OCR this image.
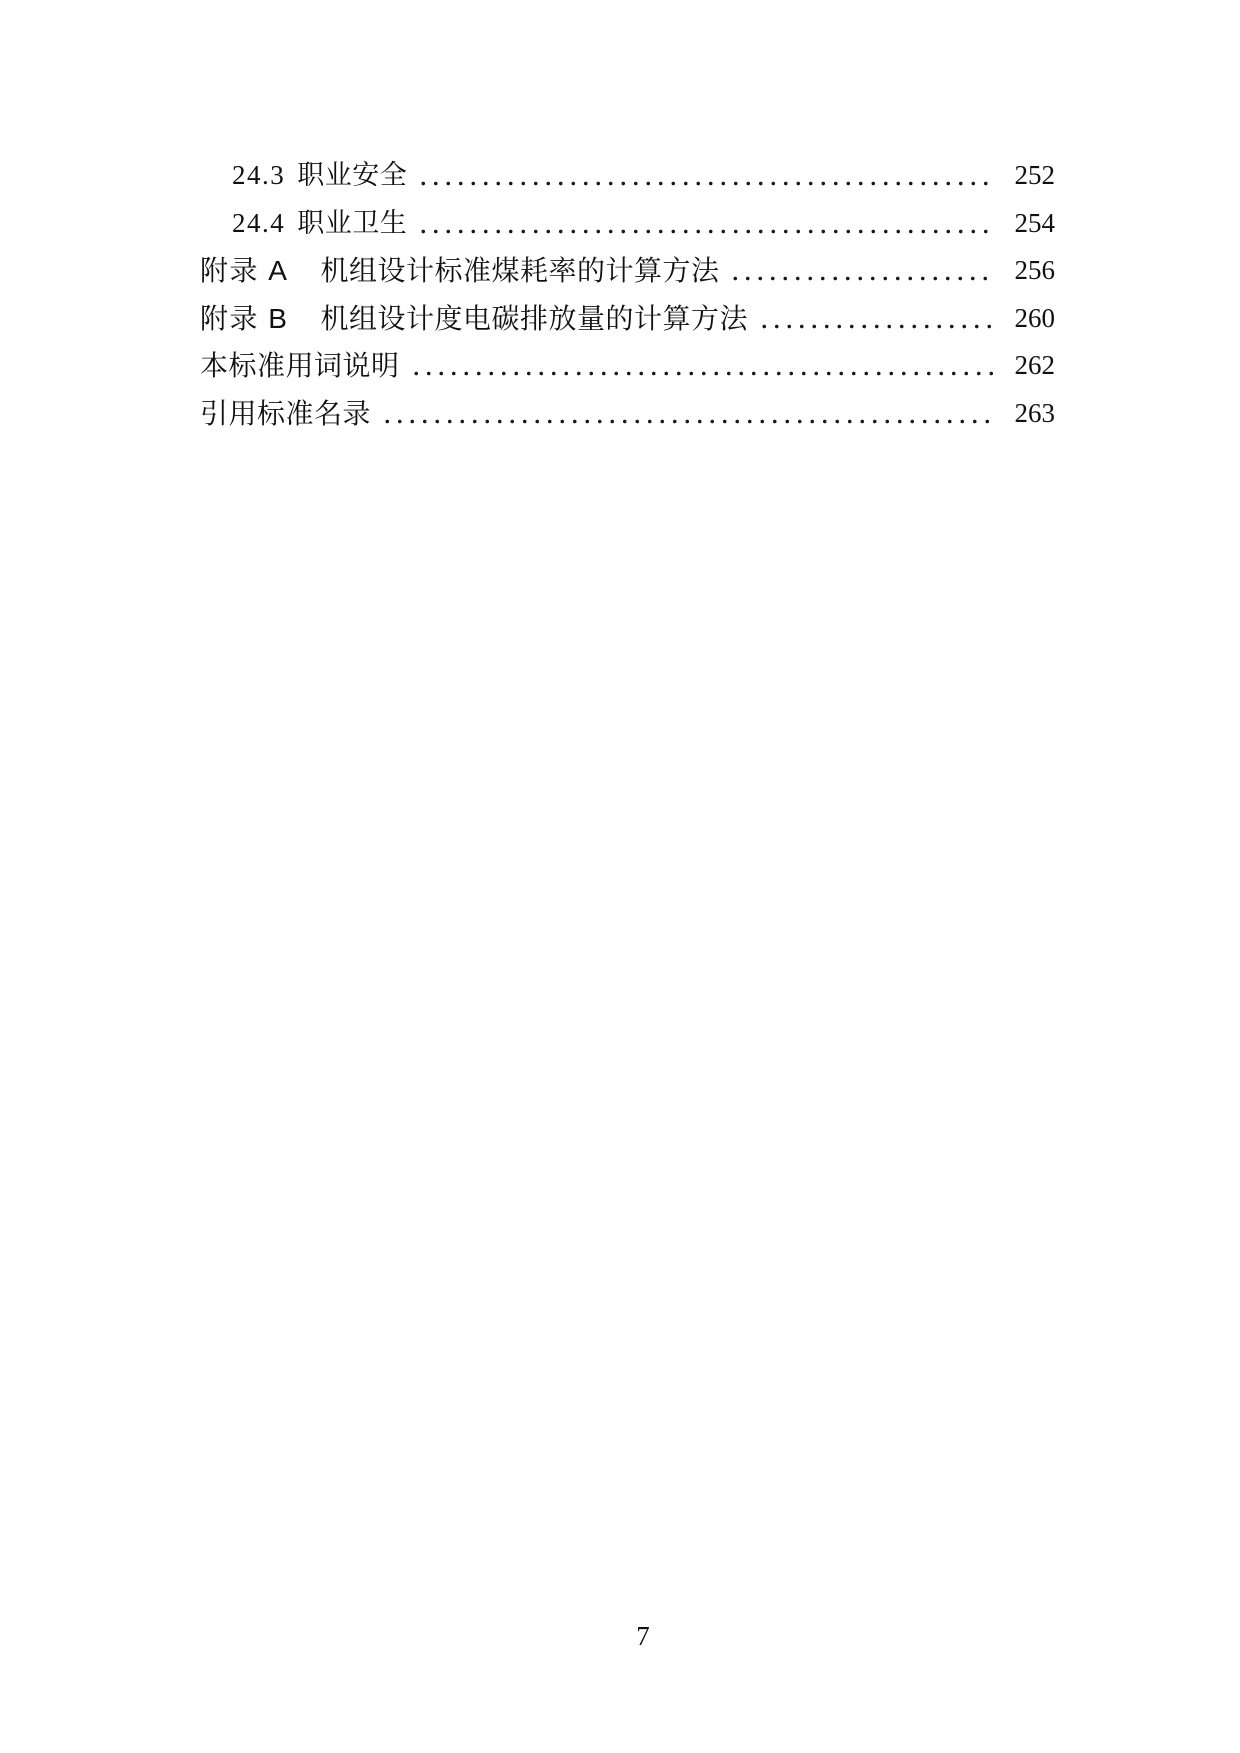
24.3 职业安全	252
24.4 职业卫生	254
附录 A 机组设计标准煤耗率的计算方法	256
附录 B 机组设计度电碳排放量的计算方法	260
本标准用词说明	262
引用标准名录	263
7
